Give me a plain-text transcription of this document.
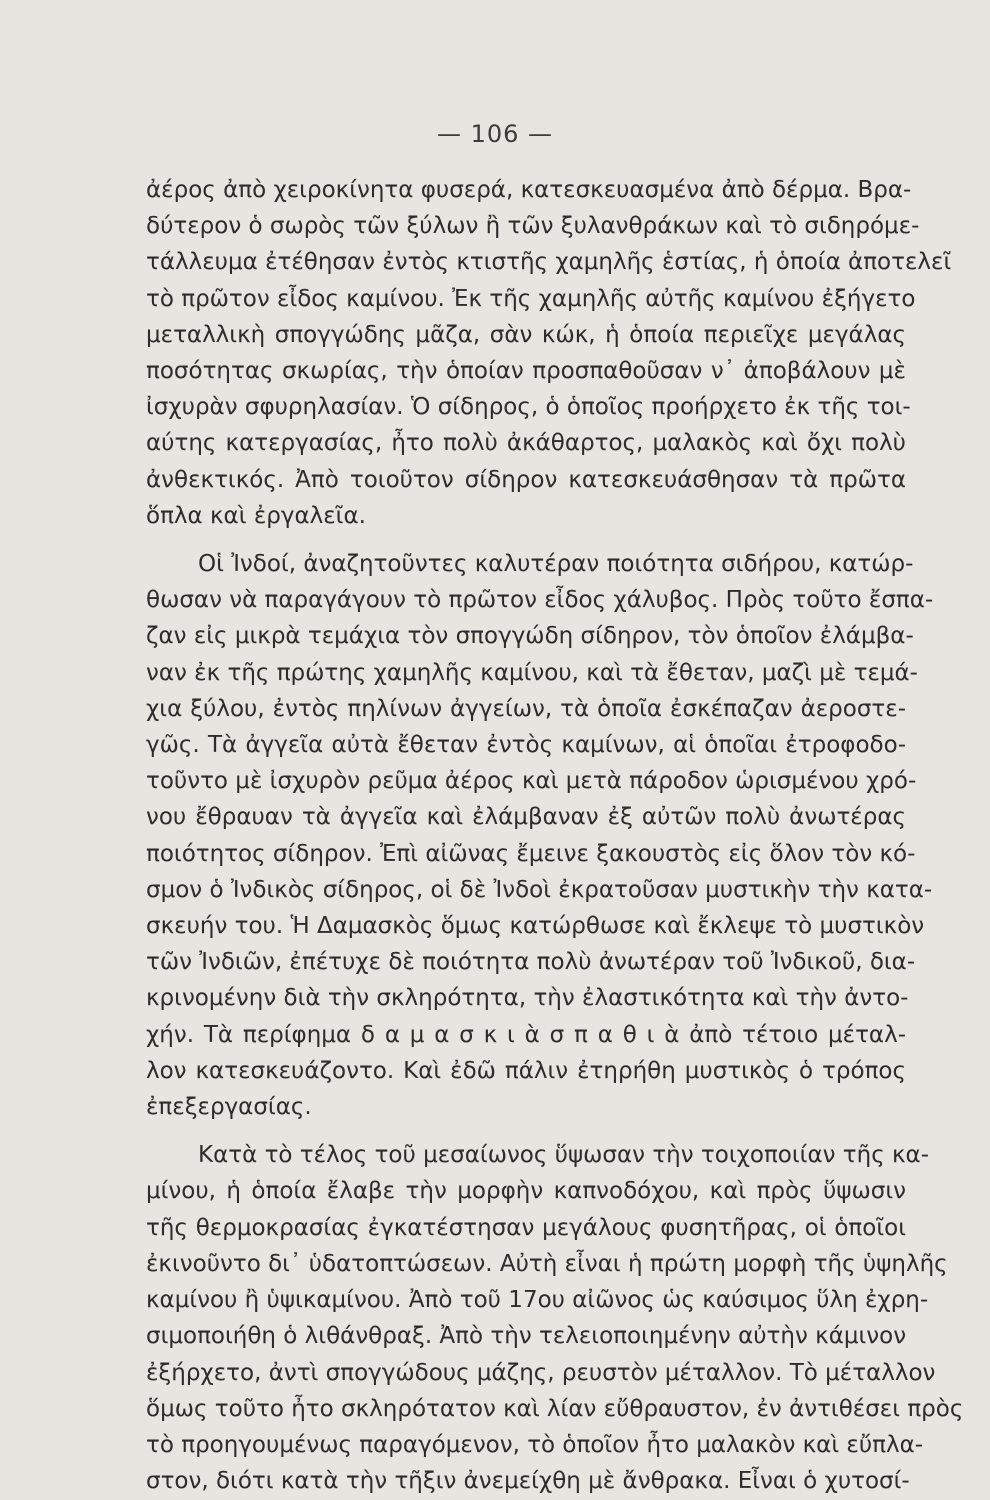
— 106 —

ἀέρος ἀπὸ χειροκίνητα φυσερά, κατεσκευασμένα ἀπὸ δέρμα. Βρα-
δύτερον ὁ σωρὸς τῶν ξύλων ἢ τῶν ξυλανθράκων καὶ τὸ σιδηρόμε-
τάλλευμα ἐτέθησαν ἐντὸς κτιστῆς χαμηλῆς ἑστίας, ἡ ὁποία ἀποτελεῖ
τὸ πρῶτον εἶδος καμίνου. Ἐκ τῆς χαμηλῆς αὐτῆς καμίνου ἐξήγετο
μεταλλικὴ σπογγώδης μᾶζα, σὰν κώκ, ἡ ὁποία περιεῖχε μεγάλας
ποσότητας σκωρίας, τὴν ὁποίαν προσπαθοῦσαν ν᾽ ἀποβάλουν μὲ
ἰσχυρὰν σφυρηλασίαν. Ὁ σίδηρος, ὁ ὁποῖος προήρχετο ἐκ τῆς τοι-
αύτης κατεργασίας, ἦτο πολὺ ἀκάθαρτος, μαλακὸς καὶ ὄχι πολὺ
ἀνθεκτικός. Ἀπὸ τοιοῦτον σίδηρον κατεσκευάσθησαν τὰ πρῶτα
ὅπλα καὶ ἐργαλεῖα.

Οἱ Ἰνδοί, ἀναζητοῦντες καλυτέραν ποιότητα σιδήρου, κατώρ-
θωσαν νὰ παραγάγουν τὸ πρῶτον εἶδος χάλυβος. Πρὸς τοῦτο ἔσπα-
ζαν εἰς μικρὰ τεμάχια τὸν σπογγώδη σίδηρον, τὸν ὁποῖον ἐλάμβα-
ναν ἐκ τῆς πρώτης χαμηλῆς καμίνου, καὶ τὰ ἔθεταν, μαζὶ μὲ τεμά-
χια ξύλου, ἐντὸς πηλίνων ἀγγείων, τὰ ὁποῖα ἐσκέπαζαν ἀεροστε-
γῶς. Τὰ ἀγγεῖα αὐτὰ ἔθεταν ἐντὸς καμίνων, αἱ ὁποῖαι ἐτροφοδο-
τοῦντο μὲ ἰσχυρὸν ρεῦμα ἀέρος καὶ μετὰ πάροδον ὡρισμένου χρό-
νου ἔθραυαν τὰ ἀγγεῖα καὶ ἐλάμβαναν ἐξ αὐτῶν πολὺ ἀνωτέρας
ποιότητος σίδηρον. Ἐπὶ αἰῶνας ἔμεινε ξακουστὸς εἰς ὅλον τὸν κό-
σμον ὁ Ἰνδικὸς σίδηρος, οἱ δὲ Ἰνδοὶ ἐκρατοῦσαν μυστικὴν τὴν κατα-
σκευήν του. Ἡ Δαμασκὸς ὅμως κατώρθωσε καὶ ἔκλεψε τὸ μυστικὸν
τῶν Ἰνδιῶν, ἐπέτυχε δὲ ποιότητα πολὺ ἀνωτέραν τοῦ Ἰνδικοῦ, δια-
κρινομένην διὰ τὴν σκληρότητα, τὴν ἐλαστικότητα καὶ τὴν ἀντο-
χήν. Τὰ περίφημα δ α μ α σ κ ι ὰ σ π α θ ι ὰ ἀπὸ τέτοιο μέταλ-
λον κατεσκευάζοντο. Καὶ ἐδῶ πάλιν ἐτηρήθη μυστικὸς ὁ τρόπος
ἐπεξεργασίας.

Κατὰ τὸ τέλος τοῦ μεσαίωνος ὕψωσαν τὴν τοιχοποιίαν τῆς κα-
μίνου, ἡ ὁποία ἔλαβε τὴν μορφὴν καπνοδόχου, καὶ πρὸς ὕψωσιν
τῆς θερμοκρασίας ἐγκατέστησαν μεγάλους φυσητῆρας, οἱ ὁποῖοι
ἐκινοῦντο δι᾽ ὑδατοπτώσεων. Αὐτὴ εἶναι ἡ πρώτη μορφὴ τῆς ὑψηλῆς
καμίνου ἢ ὑψικαμίνου. Ἀπὸ τοῦ 17ου αἰῶνος ὡς καύσιμος ὕλη ἐχρη-
σιμοποιήθη ὁ λιθάνθραξ. Ἀπὸ τὴν τελειοποιημένην αὐτὴν κάμινον
ἐξήρχετο, ἀντὶ σπογγώδους μάζης, ρευστὸν μέταλλον. Τὸ μέταλλον
ὅμως τοῦτο ἦτο σκληρότατον καὶ λίαν εὔθραυστον, ἐν ἀντιθέσει πρὸς
τὸ προηγουμένως παραγόμενον, τὸ ὁποῖον ἦτο μαλακὸν καὶ εὔπλα-
στον, διότι κατὰ τὴν τῆξιν ἀνεμείχθη μὲ ἄνθρακα. Εἶναι ὁ χυτοσί-
